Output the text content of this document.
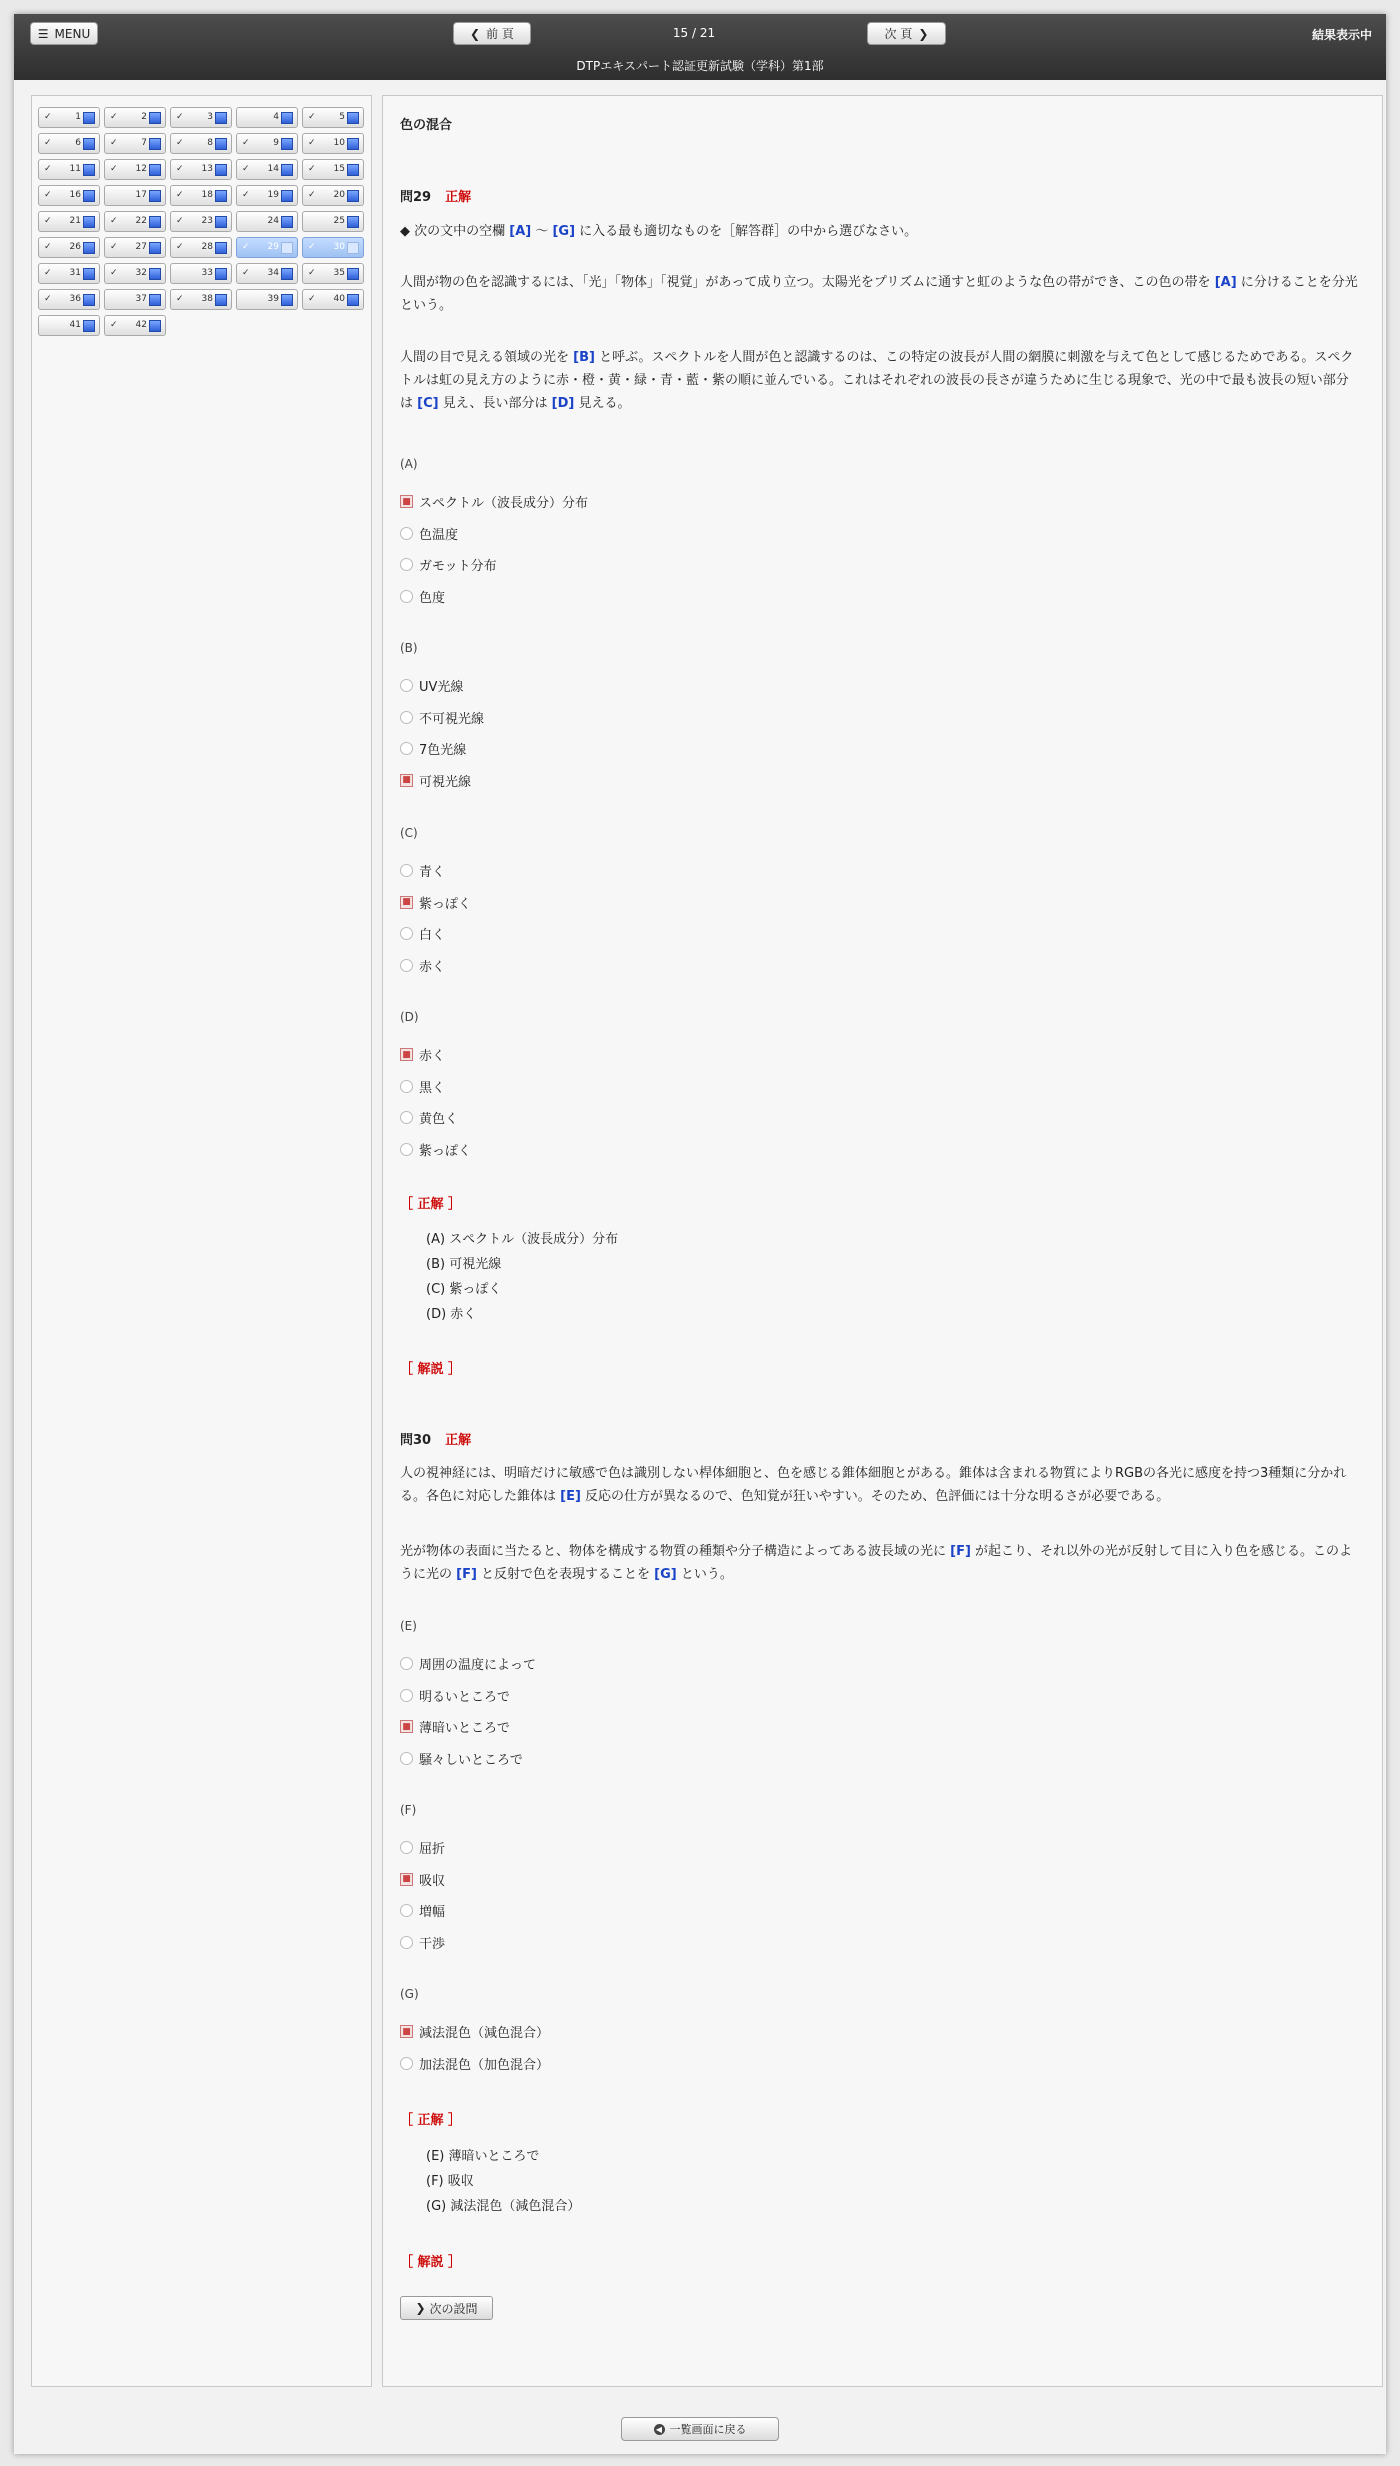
☰ MENU	❮ 前 頁	15 / 21	次 頁 ❯	結果表示中
DTPエキスパート認証更新試験（学科）第1部
✓	1	✓	2	✓	3	4	✓	5
✓	6	✓	7	✓	8	✓	9	✓	10
✓	11	✓	12	✓	13	✓	14	✓	15
✓	16	17	✓	18	✓	19	✓	20
✓	21	✓	22	✓	23	24	25
✓	26	✓	27	✓	28	✓	29	✓	30
✓	31	✓	32	33	✓	34	✓	35
✓	36	37	✓	38	39	✓	40
41	✓	42
色の混合
問29 正解
◆ 次の文中の空欄 [A] 〜 [G] に入る最も適切なものを［解答群］の中から選びなさい。
人間が物の色を認識するには、「光」「物体」「視覚」があって成り立つ。太陽光をプリズムに通すと虹のような色の帯ができ、この色の帯を [A] に分けることを分光という。
人間の目で見える領域の光を [B] と呼ぶ。スペクトルを人間が色と認識するのは、この特定の波長が人間の網膜に刺激を与えて色として感じるためである。スペクトルは虹の見え方のように赤・橙・黄・緑・青・藍・紫の順に並んでいる。これはそれぞれの波長の長さが違うために生じる現象で、光の中で最も波長の短い部分は [C] 見え、長い部分は [D] 見える。
(A)
■ スペクトル（波長成分）分布
色温度
ガモット分布
色度
(B)
UV光線
不可視光線
7色光線
■ 可視光線
(C)
青く
■ 紫っぽく
白く
赤く
(D)
■ 赤く
黒く
黄色く
紫っぽく
［ 正解 ］
(A) スペクトル（波長成分）分布
(B) 可視光線
(C) 紫っぽく
(D) 赤く
［ 解説 ］
問30 正解
人の視神経には、明暗だけに敏感で色は識別しない桿体細胞と、色を感じる錐体細胞とがある。錐体は含まれる物質によりRGBの各光に感度を持つ3種類に分かれる。各色に対応した錐体は [E] 反応の仕方が異なるので、色知覚が狂いやすい。そのため、色評価には十分な明るさが必要である。
光が物体の表面に当たると、物体を構成する物質の種類や分子構造によってある波長域の光に [F] が起こり、それ以外の光が反射して目に入り色を感じる。このように光の [F] と反射で色を表現することを [G] という。
(E)
周囲の温度によって
明るいところで
■ 薄暗いところで
騒々しいところで
(F)
屈折
■ 吸収
増幅
干渉
(G)
■ 減法混色（減色混合）
加法混色（加色混合）
［ 正解 ］
(E) 薄暗いところで
(F) 吸収
(G) 減法混色（減色混合）
［ 解説 ］
❯ 次の設問
◀ 一覧画面に戻る
